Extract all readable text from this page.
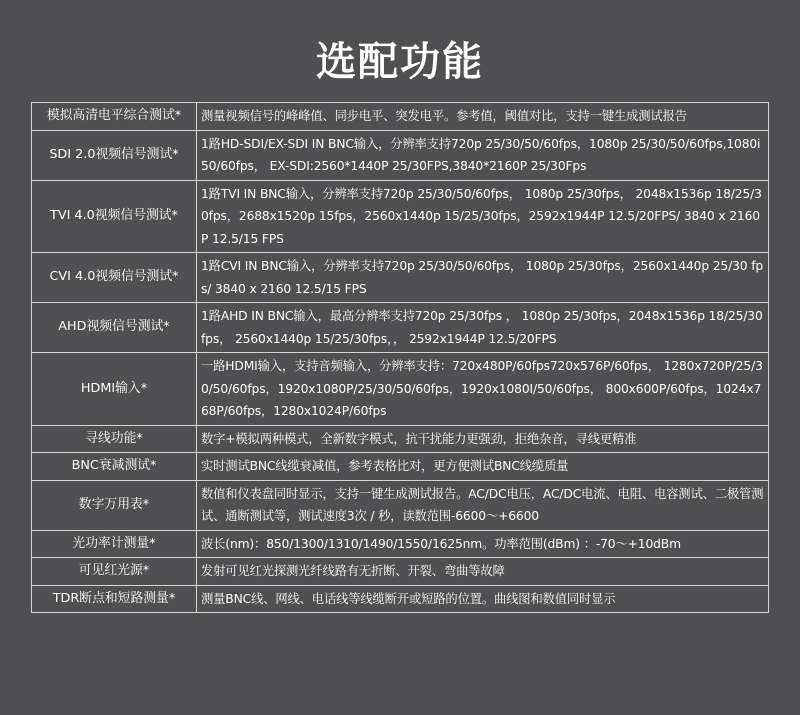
选配功能
模拟高清电平综合测试*	测量视频信号的峰峰值、同步电平、突发电平。参考值，阈值对比，支持一键生成测试报告
SDI 2.0视频信号测试*	1路HD-SDI/EX-SDI IN BNC输入，分辨率支持720p 25/30/50/60fps，1080p 25/30/50/60fps,1080i 50/60fps， EX-SDI:2560*1440P 25/30FPS,3840*2160P 25/30Fps
TVI 4.0视频信号测试*	1路TVI IN BNC输入，分辨率支持720p 25/30/50/60fps， 1080p 25/30fps， 2048x1536p 18/25/30fps，2688x1520p 15fps，2560x1440p 15/25/30fps，2592x1944P 12.5/20FPS/ 3840 x 2160P 12.5/15 FPS
CVI 4.0视频信号测试*	1路CVI IN BNC输入，分辨率支持720p 25/30/50/60fps， 1080p 25/30fps，2560x1440p 25/30 fps/ 3840 x 2160 12.5/15 FPS
AHD视频信号测试*	1路AHD IN BNC输入，最高分辨率支持720p 25/30fps ， 1080p 25/30fps，2048x1536p 18/25/30fps， 2560x1440p 15/25/30fps，， 2592x1944P 12.5/20FPS
HDMI输入*	一路HDMI输入，支持音频输入，分辨率支持：720x480P/60fps720x576P/60fps， 1280x720P/25/30/50/60fps，1920x1080P/25/30/50/60fps，1920x1080I/50/60fps， 800x600P/60fps，1024x768P/60fps，1280x1024P/60fps
寻线功能*	数字+模拟两种模式，全新数字模式，抗干扰能力更强劲，拒绝杂音，寻线更精准
BNC衰减测试*	实时测试BNC线缆衰减值，参考表格比对，更方便测试BNC线缆质量
数字万用表*	数值和仪表盘同时显示，支持一键生成测试报告。AC/DC电压，AC/DC电流、电阻、电容测试、二极管测试、通断测试等，测试速度3次 / 秒，读数范围-6600～+6600
光功率计测量*	波长(nm)：850/1300/1310/1490/1550/1625nm。功率范围(dBm) ：-70～+10dBm
可见红光源*	发射可见红光探测光纤线路有无折断、开裂、弯曲等故障
TDR断点和短路测量*	测量BNC线、网线、电话线等线缆断开或短路的位置。曲线图和数值同时显示
